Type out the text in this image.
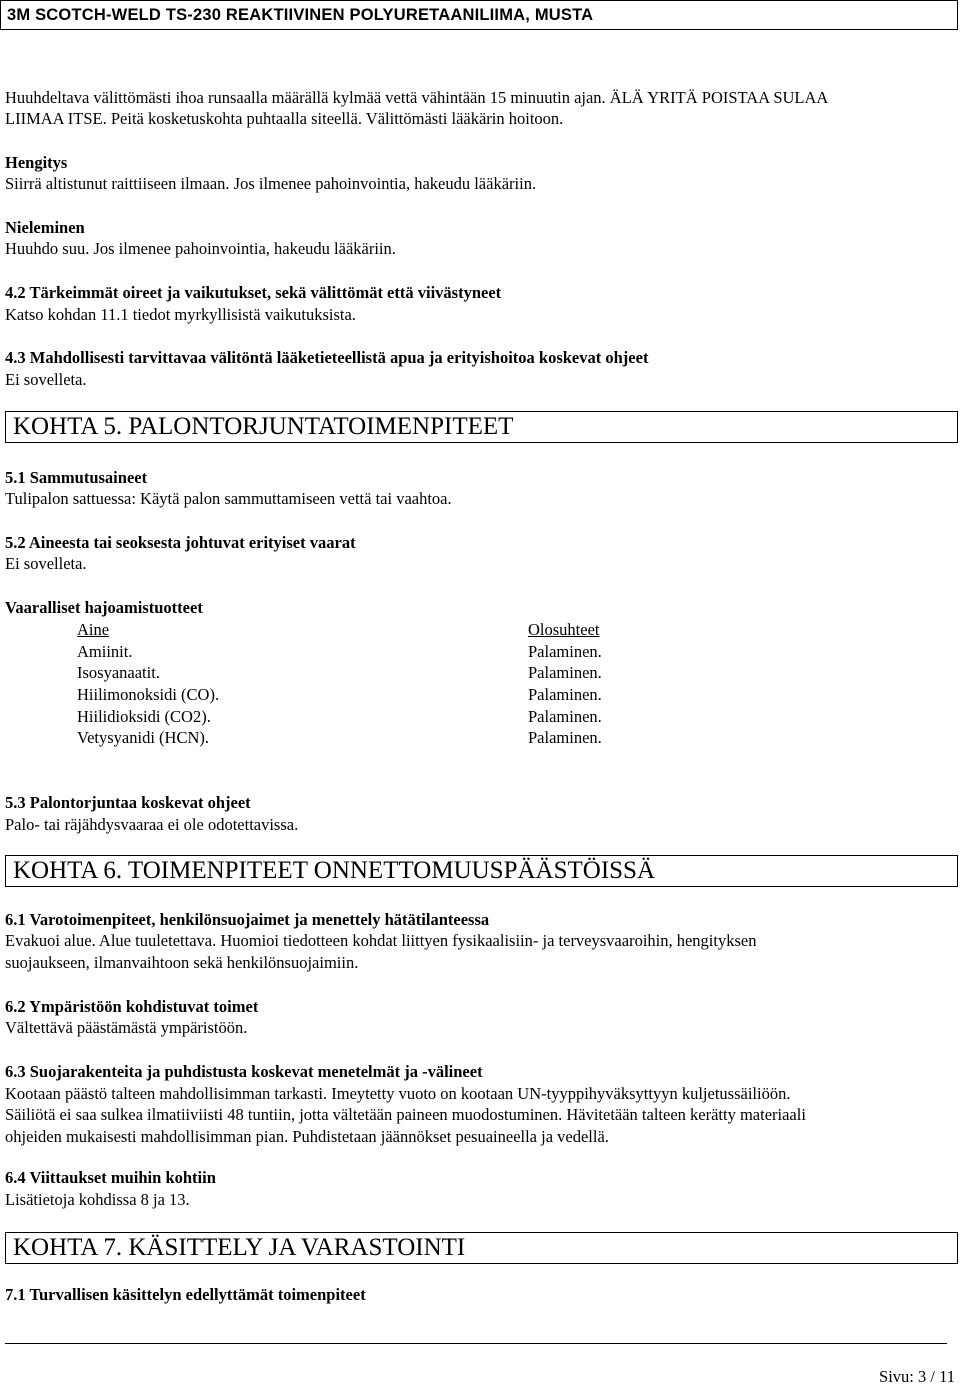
3M SCOTCH-WELD TS-230 REAKTIIVINEN POLYURETAANILIIMA, MUSTA
Huuhdeltava välittömästi ihoa runsaalla määrällä kylmää vettä vähintään 15 minuutin ajan. ÄLÄ YRITÄ POISTAA SULAA
LIIMAA ITSE. Peitä kosketuskohta puhtaalla siteellä. Välittömästi lääkärin hoitoon.
Hengitys
Siirrä altistunut raittiiseen ilmaan. Jos ilmenee pahoinvointia, hakeudu lääkäriin.
Nieleminen
Huuhdo suu. Jos ilmenee pahoinvointia, hakeudu lääkäriin.
4.2 Tärkeimmät oireet ja vaikutukset, sekä välittömät että viivästyneet
Katso kohdan 11.1 tiedot myrkyllisistä vaikutuksista.
4.3 Mahdollisesti tarvittavaa välitöntä lääketieteellistä apua ja erityishoitoa koskevat ohjeet
Ei sovelleta.
KOHTA 5. PALONTORJUNTATOIMENPITEET
5.1 Sammutusaineet
Tulipalon sattuessa: Käytä palon sammuttamiseen vettä tai vaahtoa.
5.2 Aineesta tai seoksesta johtuvat erityiset vaarat
Ei sovelleta.
Vaaralliset hajoamistuotteet
Aine	Olosuhteet
Amiinit.	Palaminen.
Isosyanaatit.	Palaminen.
Hiilimonoksidi (CO).	Palaminen.
Hiilidioksidi (CO2).	Palaminen.
Vetysyanidi (HCN).	Palaminen.
5.3 Palontorjuntaa koskevat ohjeet
Palo- tai räjähdysvaaraa ei ole odotettavissa.
KOHTA 6. TOIMENPITEET ONNETTOMUUSPÄÄSTÖISSÄ
6.1 Varotoimenpiteet, henkilönsuojaimet ja menettely hätätilanteessa
Evakuoi alue. Alue tuuletettava. Huomioi tiedotteen kohdat liittyen fysikaalisiin- ja terveysvaaroihin, hengityksen
suojaukseen, ilmanvaihtoon sekä henkilönsuojaimiin.
6.2 Ympäristöön kohdistuvat toimet
Vältettävä päästämästä ympäristöön.
6.3 Suojarakenteita ja puhdistusta koskevat menetelmät ja -välineet
Kootaan päästö talteen mahdollisimman tarkasti. Imeytetty vuoto on kootaan UN-tyyppihyväksyttyyn kuljetussäiliöön.
Säiliötä ei saa sulkea ilmatiiviisti 48 tuntiin, jotta vältetään paineen muodostuminen. Hävitetään talteen kerätty materiaali
ohjeiden mukaisesti mahdollisimman pian. Puhdistetaan jäännökset pesuaineella ja vedellä.
6.4 Viittaukset muihin kohtiin
Lisätietoja kohdissa 8 ja 13.
KOHTA 7. KÄSITTELY JA VARASTOINTI
7.1 Turvallisen käsittelyn edellyttämät toimenpiteet
Sivu: 3 / 11
